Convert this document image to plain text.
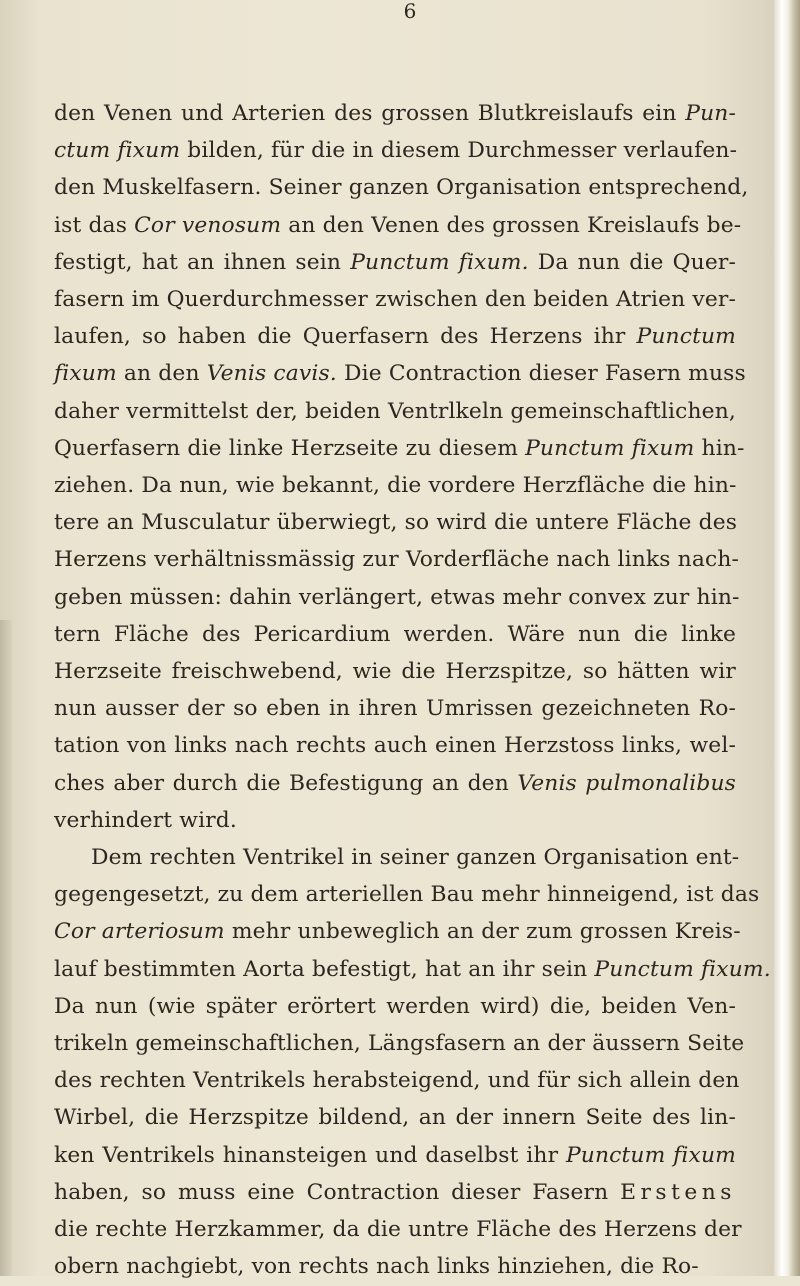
6
den Venen und Arterien des grossen Blutkreislaufs ein Pun-
ctum fixum bilden, für die in diesem Durchmesser verlaufen-
den Muskelfasern. Seiner ganzen Organisation entsprechend,
ist das Cor venosum an den Venen des grossen Kreislaufs be-
festigt, hat an ihnen sein Punctum fixum. Da nun die Quer-
fasern im Querdurchmesser zwischen den beiden Atrien ver-
laufen, so haben die Querfasern des Herzens ihr Punctum
fixum an den Venis cavis. Die Contraction dieser Fasern muss
daher vermittelst der, beiden Ventrlkeln gemeinschaftlichen,
Querfasern die linke Herzseite zu diesem Punctum fixum hin-
ziehen. Da nun, wie bekannt, die vordere Herzfläche die hin-
tere an Musculatur überwiegt, so wird die untere Fläche des
Herzens verhältnissmässig zur Vorderfläche nach links nach-
geben müssen: dahin verlängert, etwas mehr convex zur hin-
tern Fläche des Pericardium werden. Wäre nun die linke
Herzseite freischwebend, wie die Herzspitze, so hätten wir
nun ausser der so eben in ihren Umrissen gezeichneten Ro-
tation von links nach rechts auch einen Herzstoss links, wel-
ches aber durch die Befestigung an den Venis pulmonalibus
verhindert wird.
Dem rechten Ventrikel in seiner ganzen Organisation ent-
gegengesetzt, zu dem arteriellen Bau mehr hinneigend, ist das
Cor arteriosum mehr unbeweglich an der zum grossen Kreis-
lauf bestimmten Aorta befestigt, hat an ihr sein Punctum fixum.
Da nun (wie später erörtert werden wird) die, beiden Ven-
trikeln gemeinschaftlichen, Längsfasern an der äussern Seite
des rechten Ventrikels herabsteigend, und für sich allein den
Wirbel, die Herzspitze bildend, an der innern Seite des lin-
ken Ventrikels hinansteigen und daselbst ihr Punctum fixum
haben, so muss eine Contraction dieser Fasern Erstens
die rechte Herzkammer, da die untre Fläche des Herzens der
obern nachgiebt, von rechts nach links hinziehen, die Ro-
